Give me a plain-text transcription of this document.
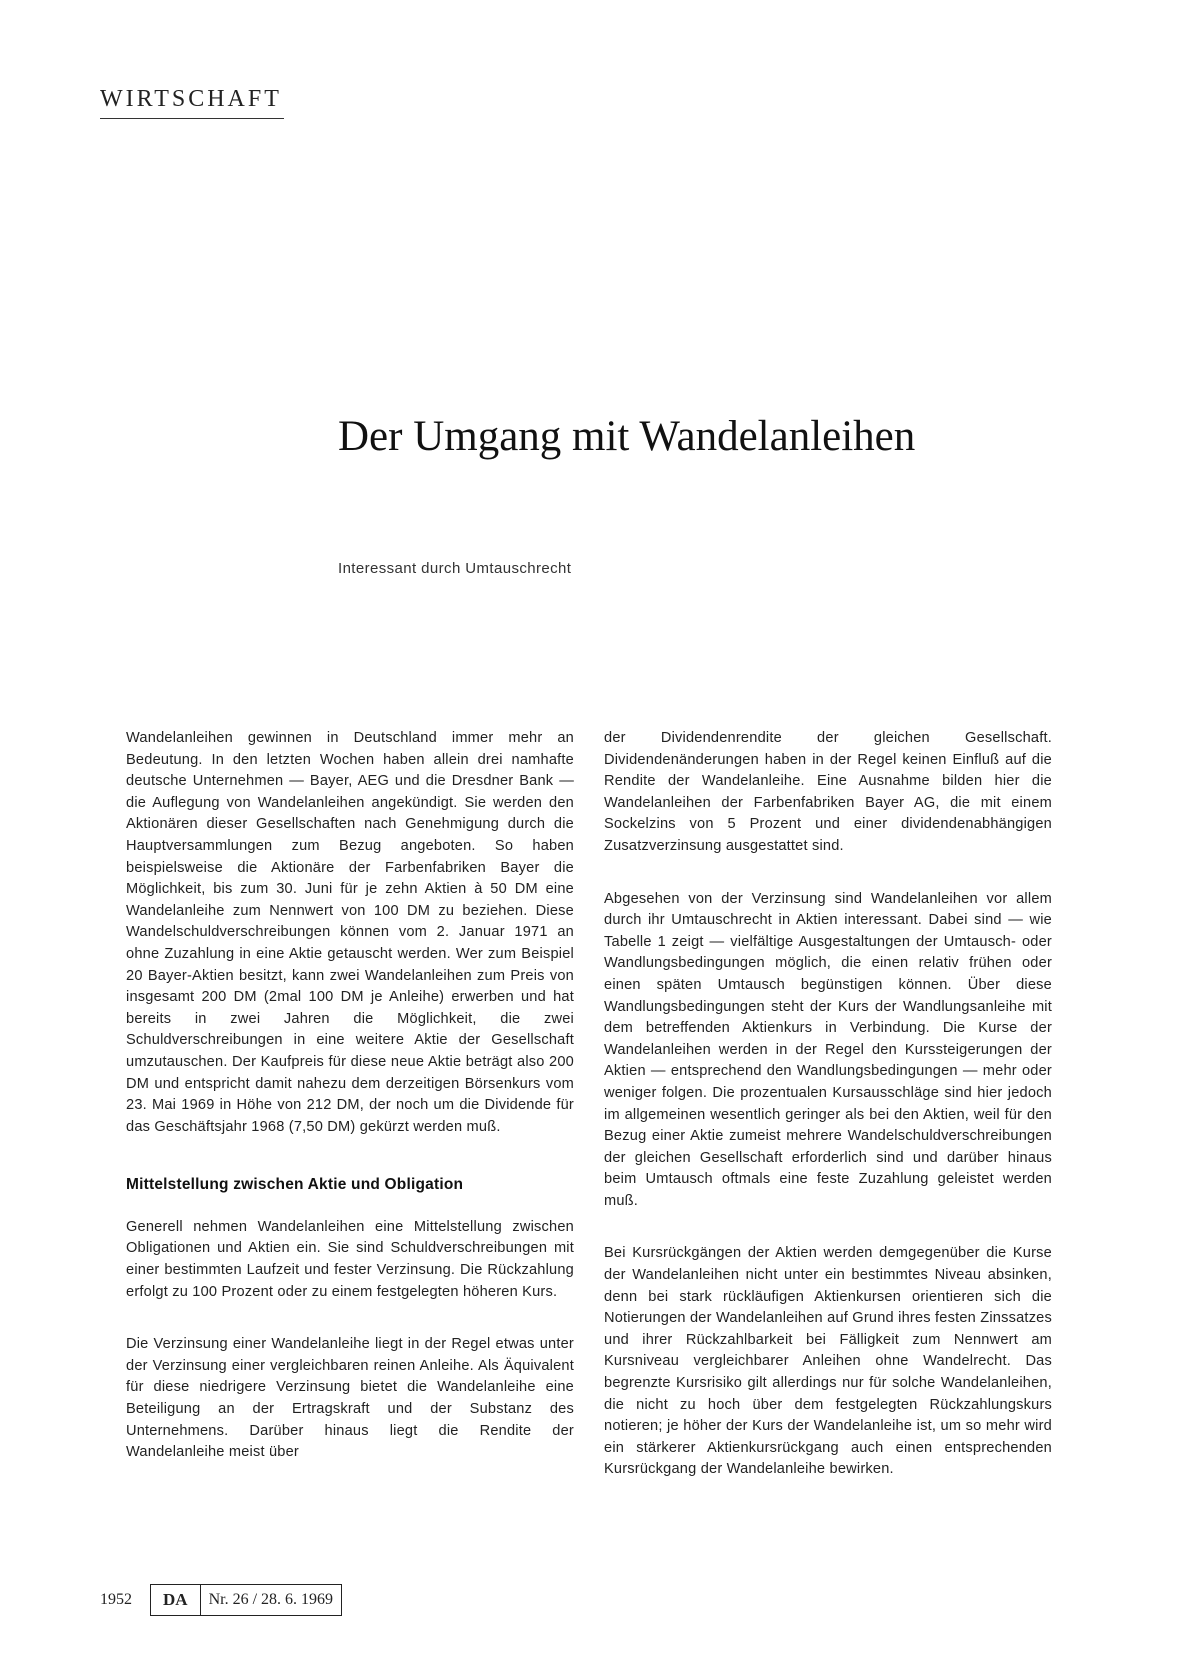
WIRTSCHAFT
Der Umgang mit Wandelanleihen
Interessant durch Umtauschrecht

Wandelanleihen gewinnen in Deutschland immer mehr an Bedeutung. In den letzten Wochen haben allein drei namhafte deutsche Unternehmen — Bayer, AEG und die Dresdner Bank — die Auflegung von Wandelanleihen angekündigt. Sie werden den Aktionären dieser Gesellschaften nach Genehmigung durch die Hauptversammlungen zum Bezug angeboten. So haben beispielsweise die Aktionäre der Farbenfabriken Bayer die Möglichkeit, bis zum 30. Juni für je zehn Aktien à 50 DM eine Wandelanleihe zum Nennwert von 100 DM zu beziehen. Diese Wandelschuldverschreibungen können vom 2. Januar 1971 an ohne Zuzahlung in eine Aktie getauscht werden. Wer zum Beispiel 20 Bayer-Aktien besitzt, kann zwei Wandelanleihen zum Preis von insgesamt 200 DM (2mal 100 DM je Anleihe) erwerben und hat bereits in zwei Jahren die Möglichkeit, die zwei Schuldverschreibungen in eine weitere Aktie der Gesellschaft umzutauschen. Der Kaufpreis für diese neue Aktie beträgt also 200 DM und entspricht damit nahezu dem derzeitigen Börsenkurs vom 23. Mai 1969 in Höhe von 212 DM, der noch um die Dividende für das Geschäftsjahr 1968 (7,50 DM) gekürzt werden muß.

Mittelstellung zwischen Aktie und Obligation

Generell nehmen Wandelanleihen eine Mittelstellung zwischen Obligationen und Aktien ein. Sie sind Schuldverschreibungen mit einer bestimmten Laufzeit und fester Verzinsung. Die Rückzahlung erfolgt zu 100 Prozent oder zu einem festgelegten höheren Kurs.

Die Verzinsung einer Wandelanleihe liegt in der Regel etwas unter der Verzinsung einer vergleichbaren reinen Anleihe. Als Äquivalent für diese niedrigere Verzinsung bietet die Wandelanleihe eine Beteiligung an der Ertragskraft und der Substanz des Unternehmens. Darüber hinaus liegt die Rendite der Wandelanleihe meist über

der Dividendenrendite der gleichen Gesellschaft. Dividendenänderungen haben in der Regel keinen Einfluß auf die Rendite der Wandelanleihe. Eine Ausnahme bilden hier die Wandelanleihen der Farbenfabriken Bayer AG, die mit einem Sockelzins von 5 Prozent und einer dividendenabhängigen Zusatzverzinsung ausgestattet sind.

Abgesehen von der Verzinsung sind Wandelanleihen vor allem durch ihr Umtauschrecht in Aktien interessant. Dabei sind — wie Tabelle 1 zeigt — vielfältige Ausgestaltungen der Umtausch- oder Wandlungsbedingungen möglich, die einen relativ frühen oder einen späten Umtausch begünstigen können. Über diese Wandlungsbedingungen steht der Kurs der Wandlungsanleihe mit dem betreffenden Aktienkurs in Verbindung. Die Kurse der Wandelanleihen werden in der Regel den Kurssteigerungen der Aktien — entsprechend den Wandlungsbedingungen — mehr oder weniger folgen. Die prozentualen Kursausschläge sind hier jedoch im allgemeinen wesentlich geringer als bei den Aktien, weil für den Bezug einer Aktie zumeist mehrere Wandelschuldverschreibungen der gleichen Gesellschaft erforderlich sind und darüber hinaus beim Umtausch oftmals eine feste Zuzahlung geleistet werden muß.

Bei Kursrückgängen der Aktien werden demgegenüber die Kurse der Wandelanleihen nicht unter ein bestimmtes Niveau absinken, denn bei stark rückläufigen Aktienkursen orientieren sich die Notierungen der Wandelanleihen auf Grund ihres festen Zinssatzes und ihrer Rückzahlbarkeit bei Fälligkeit zum Nennwert am Kursniveau vergleichbarer Anleihen ohne Wandelrecht. Das begrenzte Kursrisiko gilt allerdings nur für solche Wandelanleihen, die nicht zu hoch über dem festgelegten Rückzahlungskurs notieren; je höher der Kurs der Wandelanleihe ist, um so mehr wird ein stärkerer Aktienkursrückgang auch einen entsprechenden Kursrückgang der Wandelanleihe bewirken.

1952	DA	Nr. 26 / 28. 6. 1969
